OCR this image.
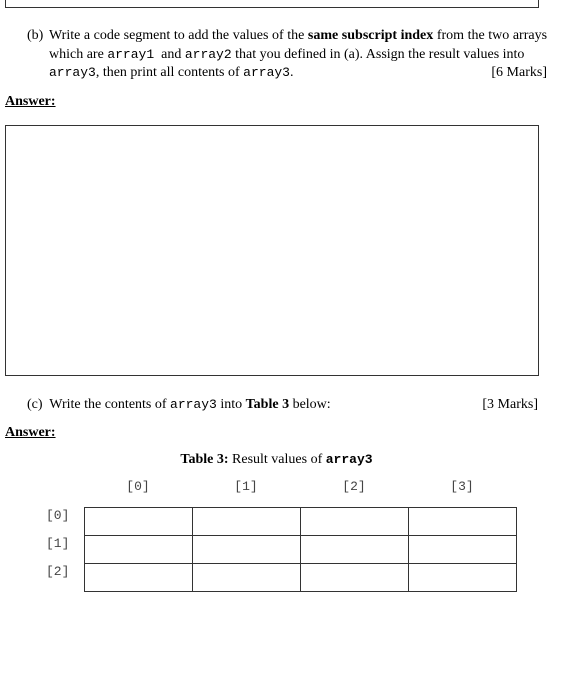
(b) Write a code segment to add the values of the same subscript index from the two arrays which are array1 and array2 that you defined in (a). Assign the result values into
array3, then print all contents of array3.	[6 Marks]
Answer:
(c) Write the contents of array3 into Table 3 below:	[3 Marks]
Answer:
Table 3: Result values of array3
[0]	[1]	[2]	[3]
[0]
[1]
[2]
